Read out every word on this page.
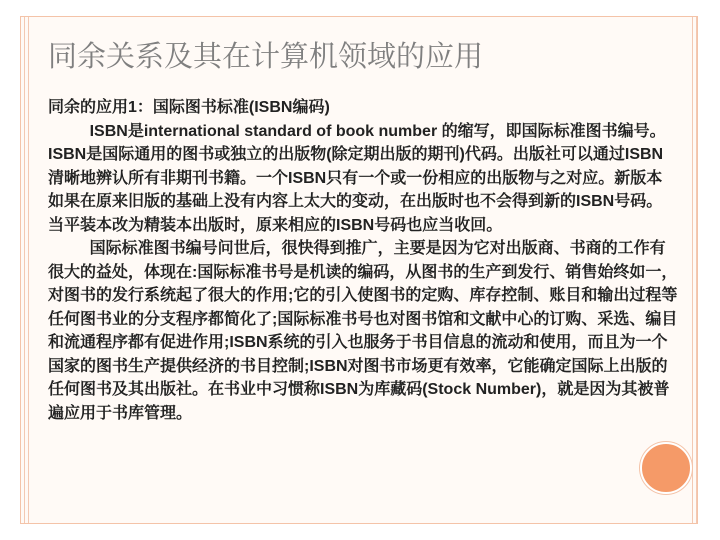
同余关系及其在计算机领域的应用

同余的应用1：国际图书标准(ISBN编码)

ISBN是international standard of book number 的缩写，即国际标准图书编号。ISBN是国际通用的图书或独立的出版物(除定期出版的期刊)代码。出版社可以通过ISBN清晰地辨认所有非期刊书籍。一个ISBN只有一个或一份相应的出版物与之对应。新版本如果在原来旧版的基础上没有内容上太大的变动，在出版时也不会得到新的ISBN号码。当平装本改为精装本出版时，原来相应的ISBN号码也应当收回。

国际标准图书编号问世后，很快得到推广，主要是因为它对出版商、书商的工作有很大的益处，体现在:国际标准书号是机读的编码，从图书的生产到发行、销售始终如一，对图书的发行系统起了很大的作用;它的引入使图书的定购、库存控制、账目和输出过程等任何图书业的分支程序都简化了;国际标准书号也对图书馆和文献中心的订购、采选、编目和流通程序都有促进作用;ISBN系统的引入也服务于书目信息的流动和使用，而且为一个国家的图书生产提供经济的书目控制;ISBN对图书市场更有效率，它能确定国际上出版的任何图书及其出版社。在书业中习惯称ISBN为库藏码(Stock Number)，就是因为其被普遍应用于书库管理。
